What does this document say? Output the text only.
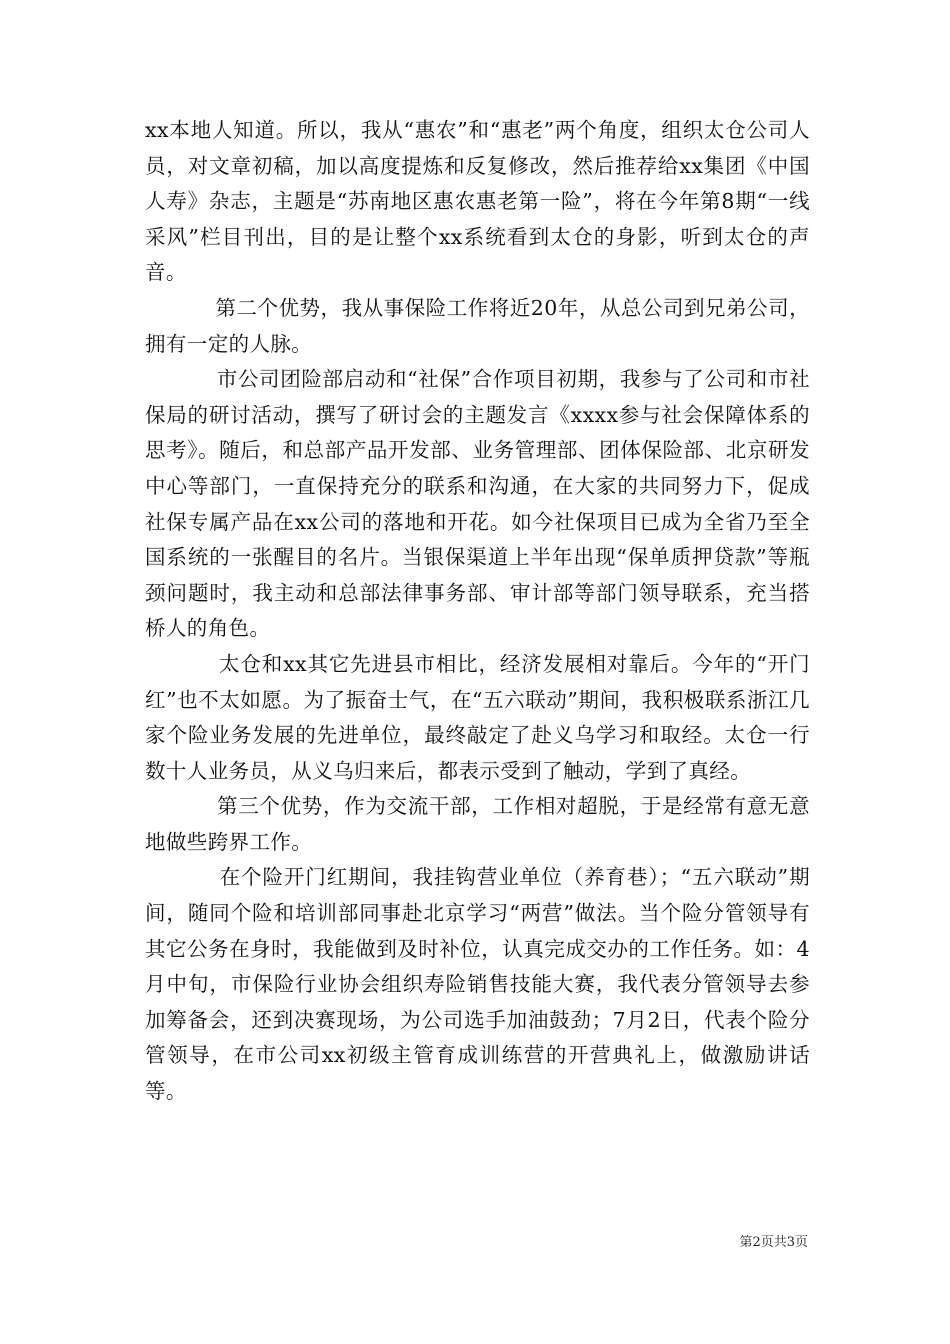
xx本地人知道。所以，我从“惠农”和“惠老”两个角度，组织太仓公司人员，对文章初稿，加以高度提炼和反复修改，然后推荐给xx集团《中国人寿》杂志，主题是“苏南地区惠农惠老第一险”，将在今年第8期“一线采风”栏目刊出，目的是让整个xx系统看到太仓的身影，听到太仓的声音。

第二个优势，我从事保险工作将近20年，从总公司到兄弟公司，拥有一定的人脉。

市公司团险部启动和“社保”合作项目初期，我参与了公司和市社保局的研讨活动，撰写了研讨会的主题发言《xxxx参与社会保障体系的思考》。随后，和总部产品开发部、业务管理部、团体保险部、北京研发中心等部门，一直保持充分的联系和沟通，在大家的共同努力下，促成社保专属产品在xx公司的落地和开花。如今社保项目已成为全省乃至全国系统的一张醒目的名片。当银保渠道上半年出现“保单质押贷款”等瓶颈问题时，我主动和总部法律事务部、审计部等部门领导联系，充当搭桥人的角色。

太仓和xx其它先进县市相比，经济发展相对靠后。今年的“开门红”也不太如愿。为了振奋士气，在“五六联动”期间，我积极联系浙江几家个险业务发展的先进单位，最终敲定了赴义乌学习和取经。太仓一行数十人业务员，从义乌归来后，都表示受到了触动，学到了真经。

第三个优势，作为交流干部，工作相对超脱，于是经常有意无意地做些跨界工作。

在个险开门红期间，我挂钩营业单位（养育巷）；“五六联动”期间，随同个险和培训部同事赴北京学习“两营”做法。当个险分管领导有其它公务在身时，我能做到及时补位，认真完成交办的工作任务。如：4月中旬，市保险行业协会组织寿险销售技能大赛，我代表分管领导去参加筹备会，还到决赛现场，为公司选手加油鼓劲；7月2日，代表个险分管领导，在市公司xx初级主管育成训练营的开营典礼上，做激励讲话等。

第2页共3页
